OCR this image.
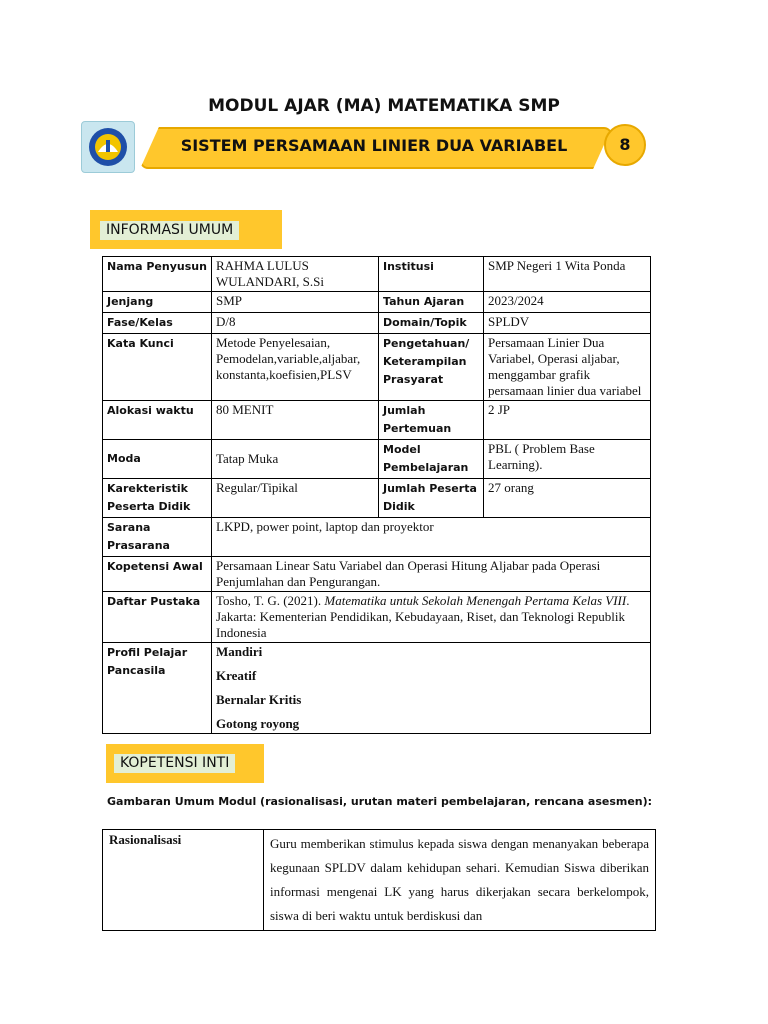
MODUL AJAR (MA) MATEMATIKA SMP
SISTEM PERSAMAAN LINIER DUA VARIABEL	8
INFORMASI UMUM
Nama Penyusun	RAHMA LULUS WULANDARI, S.Si	Institusi	SMP Negeri 1 Wita Ponda
Jenjang	SMP	Tahun Ajaran	2023/2024
Fase/Kelas	D/8	Domain/Topik	SPLDV
Kata Kunci	Metode Penyelesaian, Pemodelan,variable,aljabar, konstanta,koefisien,PLSV	Pengetahuan/ Keterampilan Prasyarat	Persamaan Linier Dua Variabel, Operasi aljabar, menggambar grafik persamaan linier dua variabel
Alokasi waktu	80 MENIT	Jumlah Pertemuan	2 JP
Moda	Tatap Muka	Model Pembelajaran	PBL ( Problem Base Learning).
Karekteristik Peserta Didik	Regular/Tipikal	Jumlah Peserta Didik	27 orang
Sarana Prasarana	LKPD, power point, laptop dan proyektor		
Kopetensi Awal	Persamaan Linear Satu Variabel dan Operasi Hitung Aljabar pada Operasi Penjumlahan dan Pengurangan.		
Daftar Pustaka	Tosho, T. G. (2021). Matematika untuk Sekolah Menengah Pertama Kelas VIII. Jakarta: Kementerian Pendidikan, Kebudayaan, Riset, dan Teknologi Republik Indonesia		
Profil Pelajar Pancasila	Mandiri
Kreatif
Bernalar Kritis
Gotong royong		
KOPETENSI INTI
Gambaran Umum Modul (rasionalisasi, urutan materi pembelajaran, rencana asesmen):
Rasionalisasi	Guru memberikan stimulus kepada siswa dengan menanyakan beberapa kegunaan SPLDV dalam kehidupan sehari. Kemudian Siswa diberikan informasi mengenai LK yang harus dikerjakan secara berkelompok, siswa di beri waktu untuk berdiskusi dan
